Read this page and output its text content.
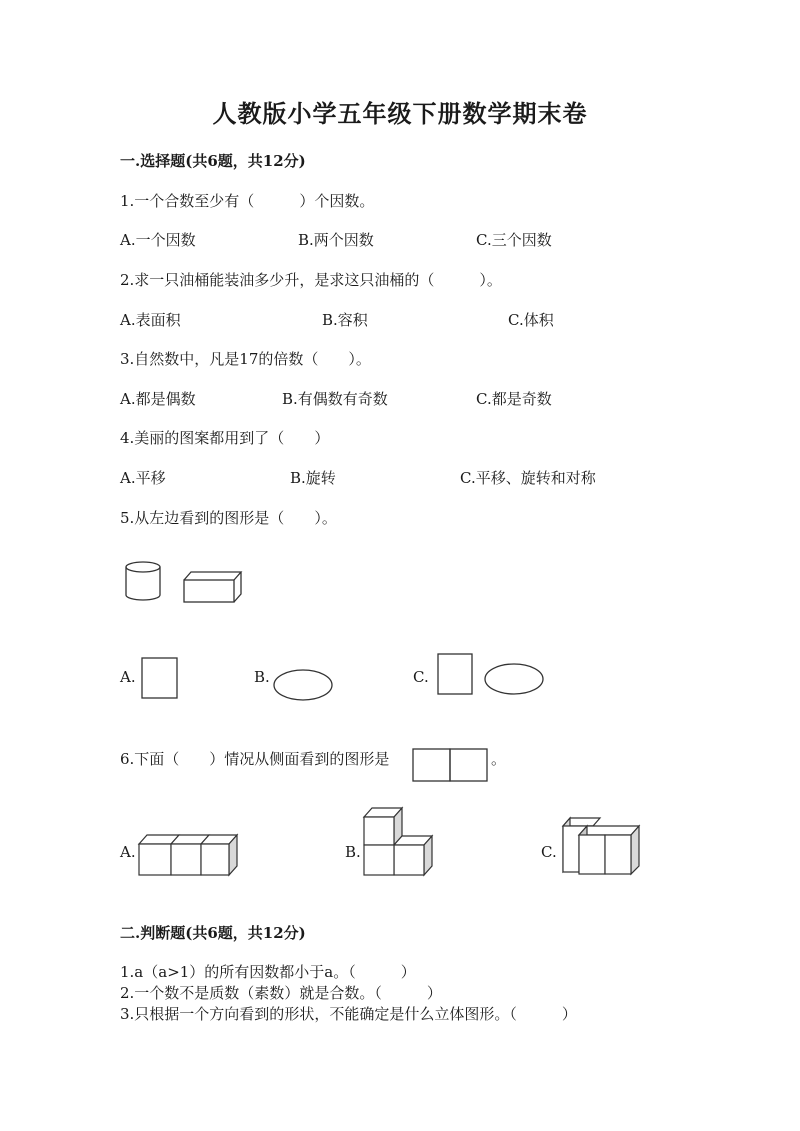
人教版小学五年级下册数学期末卷
一.选择题(共6题，共12分)
1.一个合数至少有（　　　）个因数。
A.一个因数	B.两个因数	C.三个因数
2.求一只油桶能装油多少升，是求这只油桶的（　　　）。
A.表面积	B.容积	C.体积
3.自然数中，凡是17的倍数（　　）。
A.都是偶数	B.有偶数有奇数	C.都是奇数
4.美丽的图案都用到了（　　）
A.平移	B.旋转	C.平移、旋转和对称
5.从左边看到的图形是（　　）。
A.	B.	C.
6.下面（　　）情况从侧面看到的图形是	。
A.	B.	C.
二.判断题(共6题，共12分)
1.a（a>1）的所有因数都小于a。（　　　）
2.一个数不是质数（素数）就是合数。（　　　）
3.只根据一个方向看到的形状，不能确定是什么立体图形。（　　　）
